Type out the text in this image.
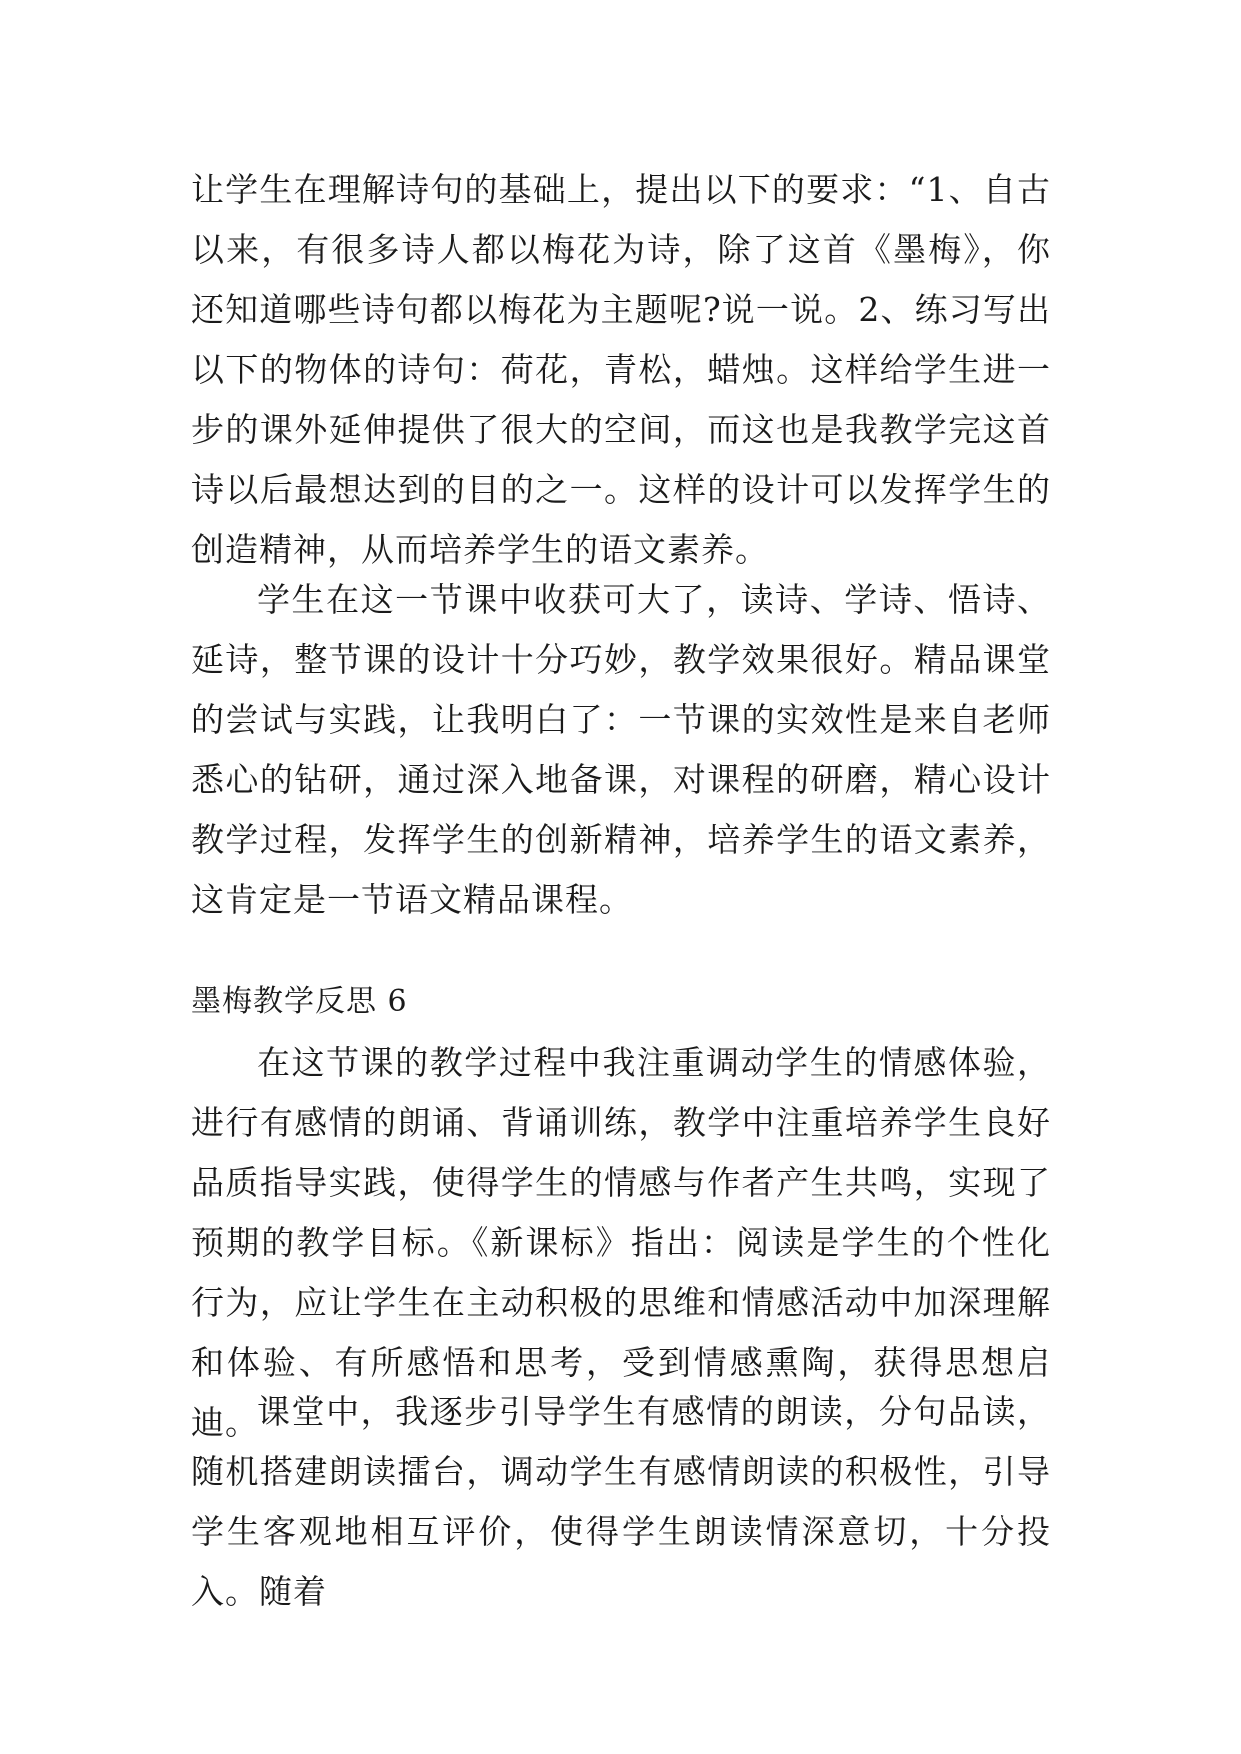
让学生在理解诗句的基础上，提出以下的要求：“1、自古以来，有很多诗人都以梅花为诗，除了这首《墨梅》，你还知道哪些诗句都以梅花为主题呢?说一说。2、练习写出以下的物体的诗句：荷花，青松，蜡烛。这样给学生进一步的课外延伸提供了很大的空间，而这也是我教学完这首诗以后最想达到的目的之一。这样的设计可以发挥学生的创造精神，从而培养学生的语文素养。

学生在这一节课中收获可大了，读诗、学诗、悟诗、延诗，整节课的设计十分巧妙，教学效果很好。精品课堂的尝试与实践，让我明白了：一节课的实效性是来自老师悉心的钻研，通过深入地备课，对课程的研磨，精心设计教学过程，发挥学生的创新精神，培养学生的语文素养，这肯定是一节语文精品课程。

墨梅教学反思 6

在这节课的教学过程中我注重调动学生的情感体验，进行有感情的朗诵、背诵训练，教学中注重培养学生良好品质指导实践，使得学生的情感与作者产生共鸣，实现了预期的教学目标。《新课标》指出：阅读是学生的个性化行为，应让学生在主动积极的思维和情感活动中加深理解和体验、有所感悟和思考，受到情感熏陶，获得思想启迪。

课堂中，我逐步引导学生有感情的朗读，分句品读，随机搭建朗读擂台，调动学生有感情朗读的积极性，引导学生客观地相互评价，使得学生朗读情深意切，十分投入。随着
